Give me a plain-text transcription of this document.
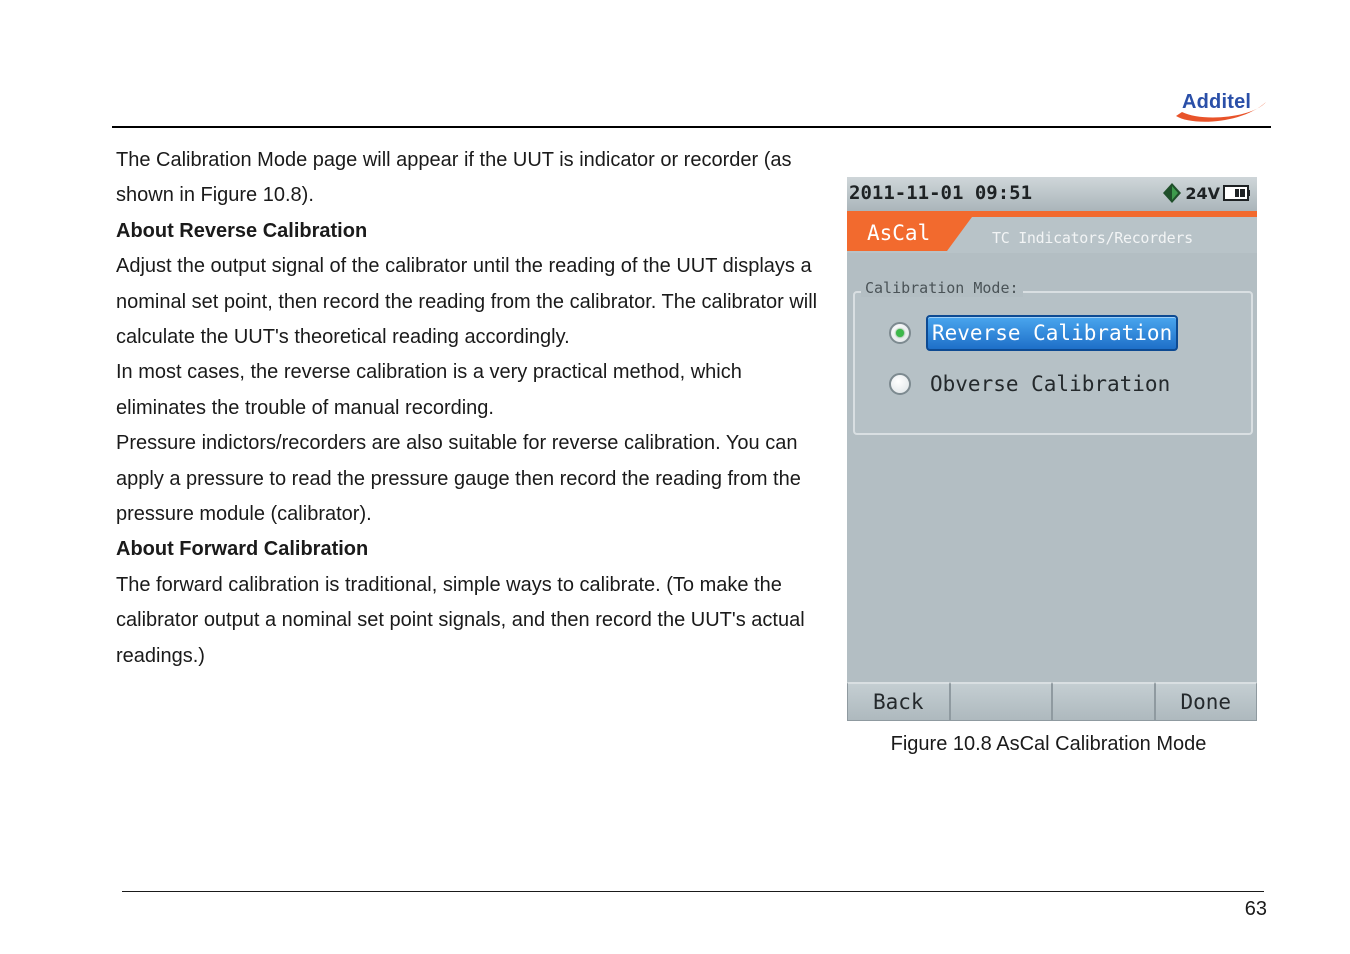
Additel

The Calibration Mode page will appear if the UUT is indicator or recorder (as shown in Figure 10.8).

About Reverse Calibration

Adjust the output signal of the calibrator until the reading of the UUT displays a nominal set point, then record the reading from the calibrator. The calibrator will calculate the UUT's theoretical reading accordingly.

In most cases, the reverse calibration is a very practical method, which eliminates the trouble of manual recording.

Pressure indictors/recorders are also suitable for reverse calibration. You can apply a pressure to read the pressure gauge then record the reading from the pressure module (calibrator).

About Forward Calibration

The forward calibration is traditional, simple ways to calibrate. (To make the calibrator output a nominal set point signals, and then record the UUT's actual readings.)

2011-11-01 09:51	24V
AsCal	TC Indicators/Recorders
Calibration Mode:
Reverse Calibration
Obverse Calibration
Back	Done
Figure 10.8 AsCal Calibration Mode
63
